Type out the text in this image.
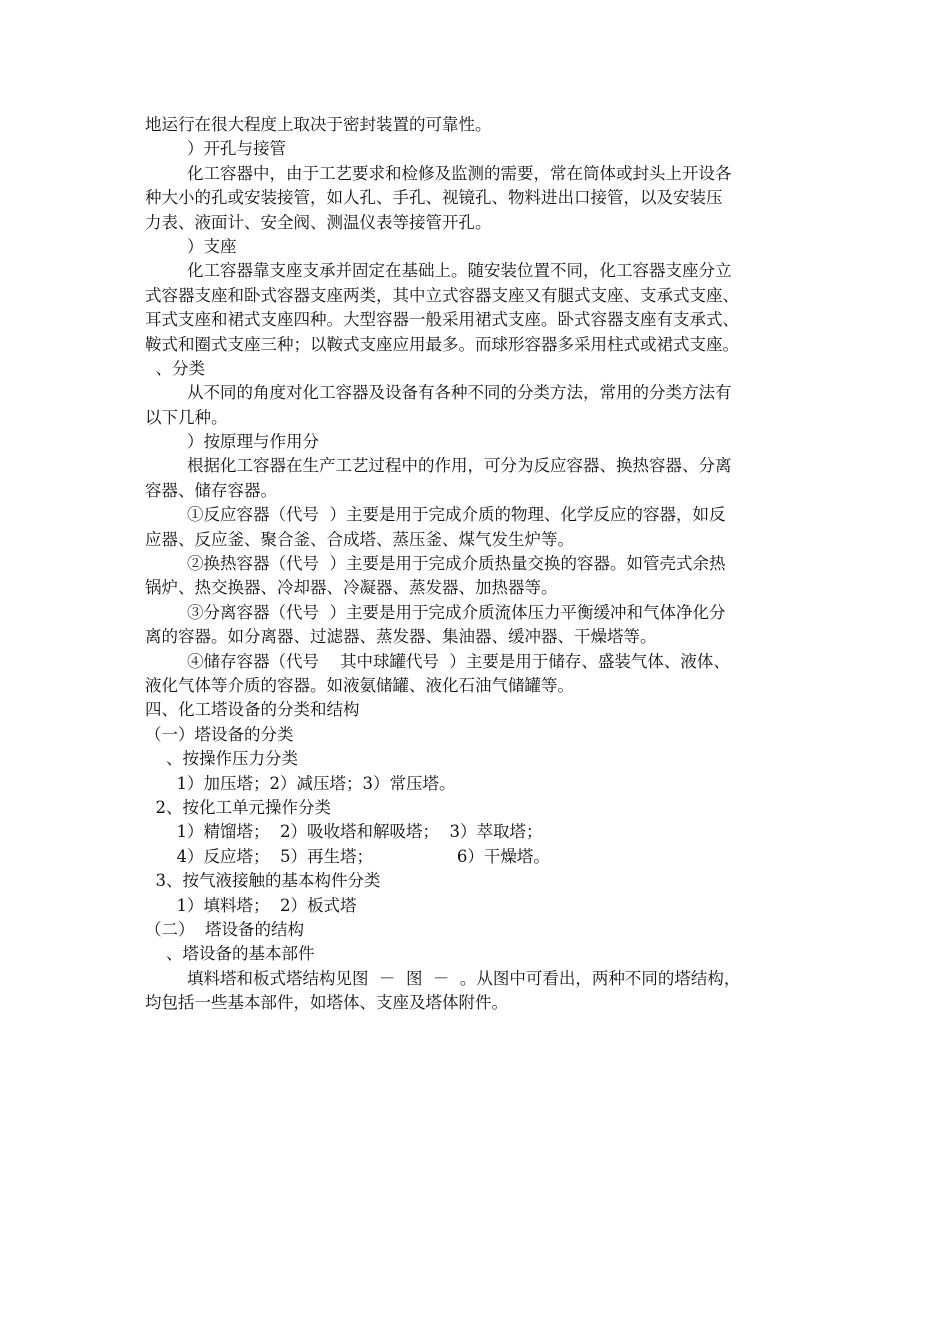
地运行在很大程度上取决于密封装置的可靠性。
）开孔与接管
化工容器中，由于工艺要求和检修及监测的需要，常在筒体或封头上开设各
种大小的孔或安装接管，如人孔、手孔、视镜孔、物料进出口接管，以及安装压
力表、液面计、安全阀、测温仪表等接管开孔。
）支座
化工容器靠支座支承并固定在基础上。随安装位置不同，化工容器支座分立
式容器支座和卧式容器支座两类，其中立式容器支座又有腿式支座、支承式支座、
耳式支座和裙式支座四种。大型容器一般采用裙式支座。卧式容器支座有支承式、
鞍式和圈式支座三种；以鞍式支座应用最多。而球形容器多采用柱式或裙式支座。
、分类
从不同的角度对化工容器及设备有各种不同的分类方法，常用的分类方法有
以下几种。
）按原理与作用分
根据化工容器在生产工艺过程中的作用，可分为反应容器、换热容器、分离
容器、储存容器。
①反应容器（代号  ）主要是用于完成介质的物理、化学反应的容器，如反
应器、反应釜、聚合釜、合成塔、蒸压釜、煤气发生炉等。
②换热容器（代号  ）主要是用于完成介质热量交换的容器。如管壳式余热
锅炉、热交换器、冷却器、冷凝器、蒸发器、加热器等。
③分离容器（代号  ）主要是用于完成介质流体压力平衡缓冲和气体净化分
离的容器。如分离器、过滤器、蒸发器、集油器、缓冲器、干燥塔等。
④储存容器（代号    其中球罐代号  ）主要是用于储存、盛装气体、液体、
液化气体等介质的容器。如液氨储罐、液化石油气储罐等。
四、化工塔设备的分类和结构
（一）塔设备的分类
、按操作压力分类
1）加压塔；2）减压塔；3）常压塔。
2、按化工单元操作分类
1）精馏塔；  2）吸收塔和解吸塔；  3）萃取塔；
4）反应塔；  5）再生塔；                6）干燥塔。
3、按气液接触的基本构件分类
1）填料塔；  2）板式塔
（二）  塔设备的结构
、塔设备的基本部件
填料塔和板式塔结构见图  －  图  －  。从图中可看出，两种不同的塔结构，
均包括一些基本部件，如塔体、支座及塔体附件。
